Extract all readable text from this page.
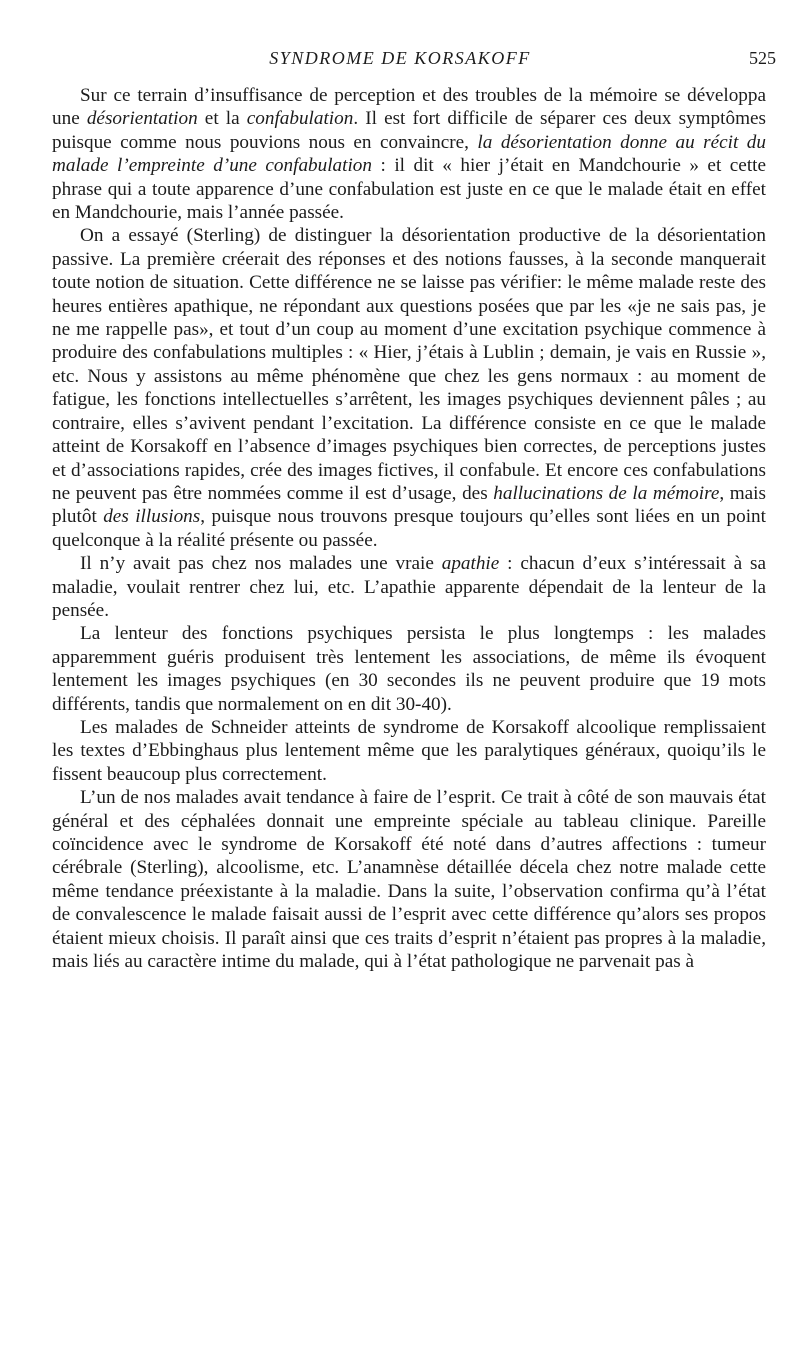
SYNDROME DE KORSAKOFF	525

Sur ce terrain d’insuffisance de perception et des troubles de la mémoire se développa une désorientation et la confabulation. Il est fort difficile de séparer ces deux symptômes puisque comme nous pouvions nous en convaincre, la désorientation donne au récit du malade l’empreinte d’une confabulation : il dit « hier j’était en Mandchourie » et cette phrase qui a toute apparence d’une confabulation est juste en ce que le malade était en effet en Mandchourie, mais l’année passée.

On a essayé (Sterling) de distinguer la désorientation productive de la désorientation passive. La première créerait des réponses et des notions fausses, à la seconde manquerait toute notion de situation. Cette différence ne se laisse pas vérifier: le même malade reste des heures entières apathique, ne répondant aux questions posées que par les «je ne sais pas, je ne me rappelle pas», et tout d’un coup au moment d’une excitation psychique commence à produire des confabulations multiples : « Hier, j’étais à Lublin ; demain, je vais en Russie », etc. Nous y assistons au même phénomène que chez les gens normaux : au moment de fatigue, les fonctions intellectuelles s’arrêtent, les images psychiques deviennent pâles ; au contraire, elles s’avivent pendant l’excitation. La différence consiste en ce que le malade atteint de Korsakoff en l’absence d’images psychiques bien correctes, de perceptions justes et d’associations rapides, crée des images fictives, il confabule. Et encore ces confabulations ne peuvent pas être nommées comme il est d’usage, des hallucinations de la mémoire, mais plutôt des illusions, puisque nous trouvons presque toujours qu’elles sont liées en un point quelconque à la réalité présente ou passée.

Il n’y avait pas chez nos malades une vraie apathie : chacun d’eux s’intéressait à sa maladie, voulait rentrer chez lui, etc. L’apathie apparente dépendait de la lenteur de la pensée.

La lenteur des fonctions psychiques persista le plus longtemps : les malades apparemment guéris produisent très lentement les associations, de même ils évoquent lentement les images psychiques (en 30 secondes ils ne peuvent produire que 19 mots différents, tandis que normalement on en dit 30-40).

Les malades de Schneider atteints de syndrome de Korsakoff alcoolique remplissaient les textes d’Ebbinghaus plus lentement même que les paralytiques généraux, quoiqu’ils le fissent beaucoup plus correctement.

L’un de nos malades avait tendance à faire de l’esprit. Ce trait à côté de son mauvais état général et des céphalées donnait une empreinte spéciale au tableau clinique. Pareille coïncidence avec le syndrome de Korsakoff été noté dans d’autres affections : tumeur cérébrale (Sterling), alcoolisme, etc. L’anamnèse détaillée décela chez notre malade cette même tendance préexistante à la maladie. Dans la suite, l’observation confirma qu’à l’état de convalescence le malade faisait aussi de l’esprit avec cette différence qu’alors ses propos étaient mieux choisis. Il paraît ainsi que ces traits d’esprit n’étaient pas propres à la maladie, mais liés au caractère intime du malade, qui à l’état pathologique ne parvenait pas à
